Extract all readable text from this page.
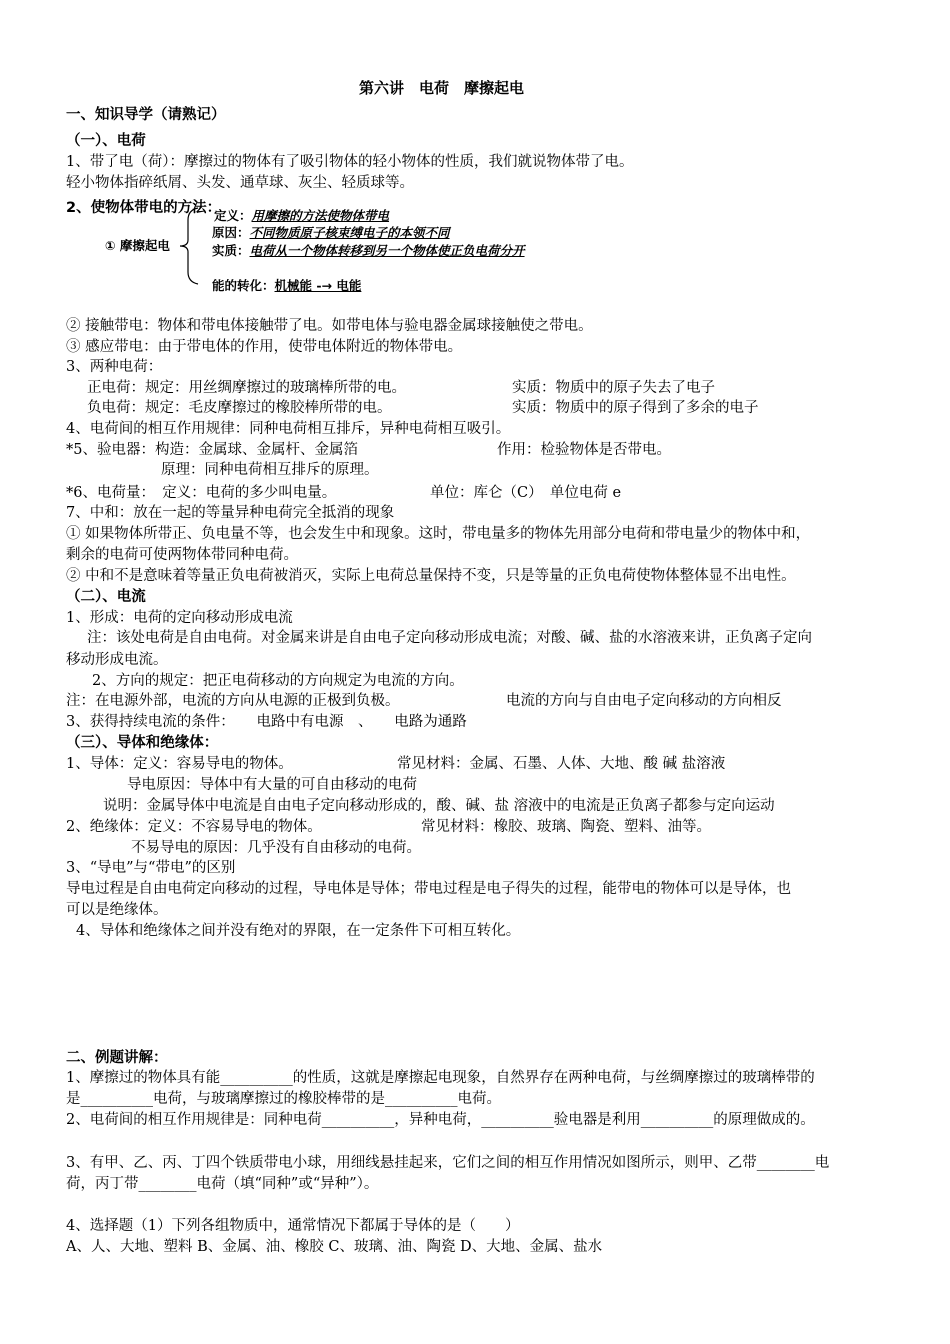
第六讲　电荷　摩擦起电
一、知识导学（请熟记）
（一）、电荷
1、带了电（荷）：摩擦过的物体有了吸引物体的轻小物体的性质，我们就说物体带了电。
轻小物体指碎纸屑、头发、通草球、灰尘、轻质球等。
2、使物体带电的方法：
① 摩擦起电
定义：用摩擦的方法使物体带电
原因：不同物质原子核束缚电子的本领不同
实质：电荷从一个物体转移到另一个物体使正负电荷分开
能的转化：机械能 -→ 电能
② 接触带电：物体和带电体接触带了电。如带电体与验电器金属球接触使之带电。
③ 感应带电：由于带电体的作用，使带电体附近的物体带电。
3、两种电荷：
正电荷：规定：用丝绸摩擦过的玻璃棒所带的电。	实质：物质中的原子失去了电子
负电荷：规定：毛皮摩擦过的橡胶棒所带的电。	实质：物质中的原子得到了多余的电子
4、电荷间的相互作用规律：同种电荷相互排斥，异种电荷相互吸引。
*5、验电器：构造：金属球、金属杆、金属箔	作用：检验物体是否带电。
原理：同种电荷相互排斥的原理。
*6、电荷量：　定义：电荷的多少叫电量。	单位：库仑（C）　单位电荷 e
7、中和：放在一起的等量异种电荷完全抵消的现象
① 如果物体所带正、负电量不等，也会发生中和现象。这时，带电量多的物体先用部分电荷和带电量少的物体中和，
剩余的电荷可使两物体带同种电荷。
② 中和不是意味着等量正负电荷被消灭，实际上电荷总量保持不变，只是等量的正负电荷使物体整体显不出电性。
（二）、电流
1、形成：电荷的定向移动形成电流
注：该处电荷是自由电荷。对金属来讲是自由电子定向移动形成电流；对酸、碱、盐的水溶液来讲，正负离子定向
移动形成电流。
2、方向的规定：把正电荷移动的方向规定为电流的方向。
注：在电源外部，电流的方向从电源的正极到负极。	电流的方向与自由电子定向移动的方向相反
3、获得持续电流的条件：　　电路中有电源　、　　电路为通路
（三）、导体和绝缘体：
1、导体：定义：容易导电的物体。	常见材料：金属、石墨、人体、大地、酸 碱 盐溶液
导电原因：导体中有大量的可自由移动的电荷
说明：金属导体中电流是自由电子定向移动形成的，酸、碱、盐 溶液中的电流是正负离子都参与定向运动
2、绝缘体：定义：不容易导电的物体。	常见材料：橡胶、玻璃、陶瓷、塑料、油等。
不易导电的原因：几乎没有自由移动的电荷。
3、“导电”与“带电”的区别
导电过程是自由电荷定向移动的过程，导电体是导体；带电过程是电子得失的过程，能带电的物体可以是导体，也
可以是绝缘体。
4、导体和绝缘体之间并没有绝对的界限，在一定条件下可相互转化。
二、例题讲解：
1、摩擦过的物体具有能__________的性质，这就是摩擦起电现象，自然界存在两种电荷，与丝绸摩擦过的玻璃棒带的
是__________电荷，与玻璃摩擦过的橡胶棒带的是__________电荷。
2、电荷间的相互作用规律是：同种电荷__________，异种电荷，__________验电器是利用__________的原理做成的。
3、有甲、乙、丙、丁四个铁质带电小球，用细线悬挂起来，它们之间的相互作用情况如图所示，则甲、乙带________电
荷，丙丁带________电荷（填“同种”或“异种”）。
4、选择题（1）下列各组物质中，通常情况下都属于导体的是（　　）
A、人、大地、塑料 B、金属、油、橡胶 C、玻璃、油、陶瓷 D、大地、金属、盐水
